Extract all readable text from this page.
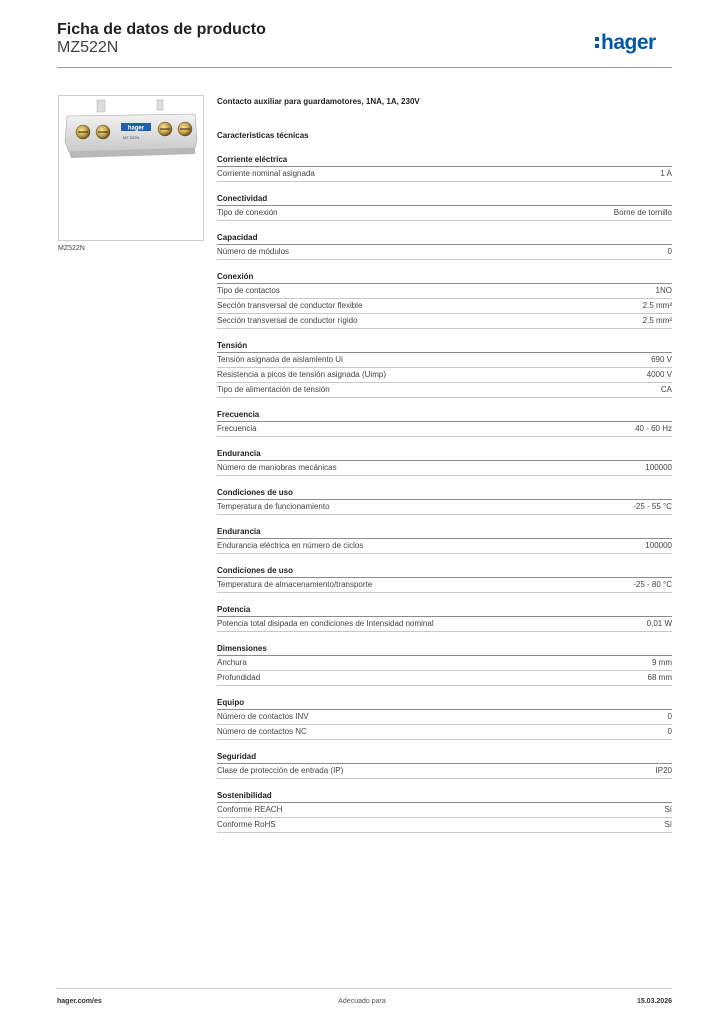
Ficha de datos de producto
MZ522N	hager
hager
MZ 522N
MZ522N
Contacto auxiliar para guardamotores, 1NA, 1A, 230V
Características técnicas
Corriente eléctrica
Corriente nominal asignada	1 A
Conectividad
Tipo de conexión	Borne de tornillo
Capacidad
Número de módulos	0
Conexión
Tipo de contactos	1NO
Sección transversal de conductor flexible	2.5 mm²
Sección transversal de conductor rígido	2.5 mm²
Tensión
Tensión asignada de aislamiento Ui	690 V
Resistencia a picos de tensión asignada (Uimp)	4000 V
Tipo de alimentación de tensión	CA
Frecuencia
Frecuencia	40 - 60 Hz
Endurancia
Número de maniobras mecánicas	100000
Condiciones de uso
Temperatura de funcionamiento	-25 - 55 °C
Endurancia
Endurancia eléctrica en número de ciclos	100000
Condiciones de uso
Temperatura de almacenamiento/transporte	-25 - 80 °C
Potencia
Potencia total disipada en condiciones de Intensidad nominal	0,01 W
Dimensiones
Anchura	9 mm
Profundidad	68 mm
Equipo
Número de contactos INV	0
Número de contactos NC	0
Seguridad
Clase de protección de entrada (IP)	IP20
Sostenibilidad
Conforme REACH	Sí
Conforme RoHS	Sí
hager.com/es	Adecuado para	15.03.2026
